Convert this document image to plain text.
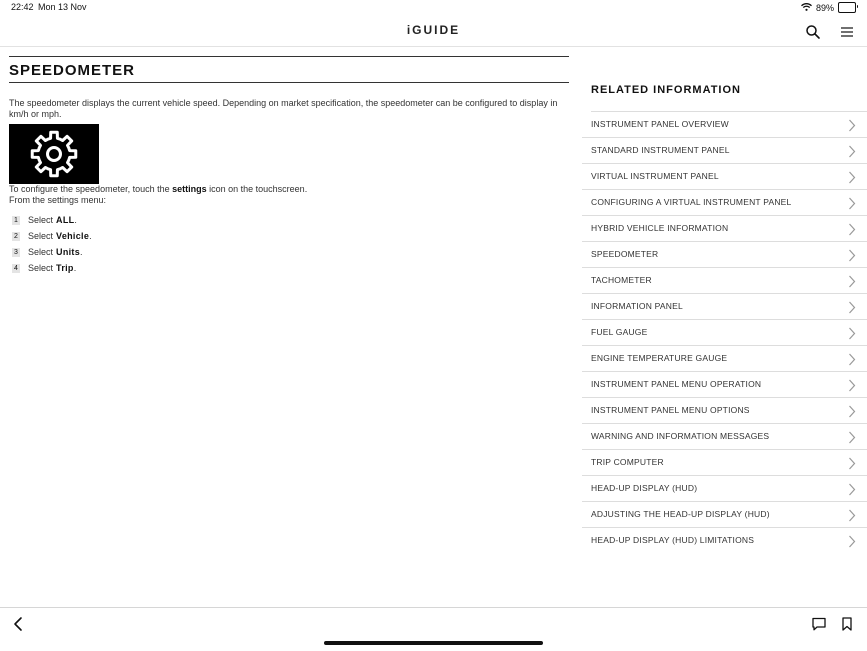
22:42 Mon 13 Nov	89%
iGUIDE
SPEEDOMETER

The speedometer displays the current vehicle speed. Depending on market specification, the speedometer can be configured to display in km/h or mph.

To configure the speedometer, touch the settings icon on the touchscreen.

From the settings menu:

1 Select ALL .
2 Select Vehicle .
3 Select Units .
4 Select Trip .
RELATED INFORMATION
INSTRUMENT PANEL OVERVIEW
STANDARD INSTRUMENT PANEL
VIRTUAL INSTRUMENT PANEL
CONFIGURING A VIRTUAL INSTRUMENT PANEL
HYBRID VEHICLE INFORMATION
SPEEDOMETER
TACHOMETER
INFORMATION PANEL
FUEL GAUGE
ENGINE TEMPERATURE GAUGE
INSTRUMENT PANEL MENU OPERATION
INSTRUMENT PANEL MENU OPTIONS
WARNING AND INFORMATION MESSAGES
TRIP COMPUTER
HEAD-UP DISPLAY (HUD)
ADJUSTING THE HEAD-UP DISPLAY (HUD)
HEAD-UP DISPLAY (HUD) LIMITATIONS
